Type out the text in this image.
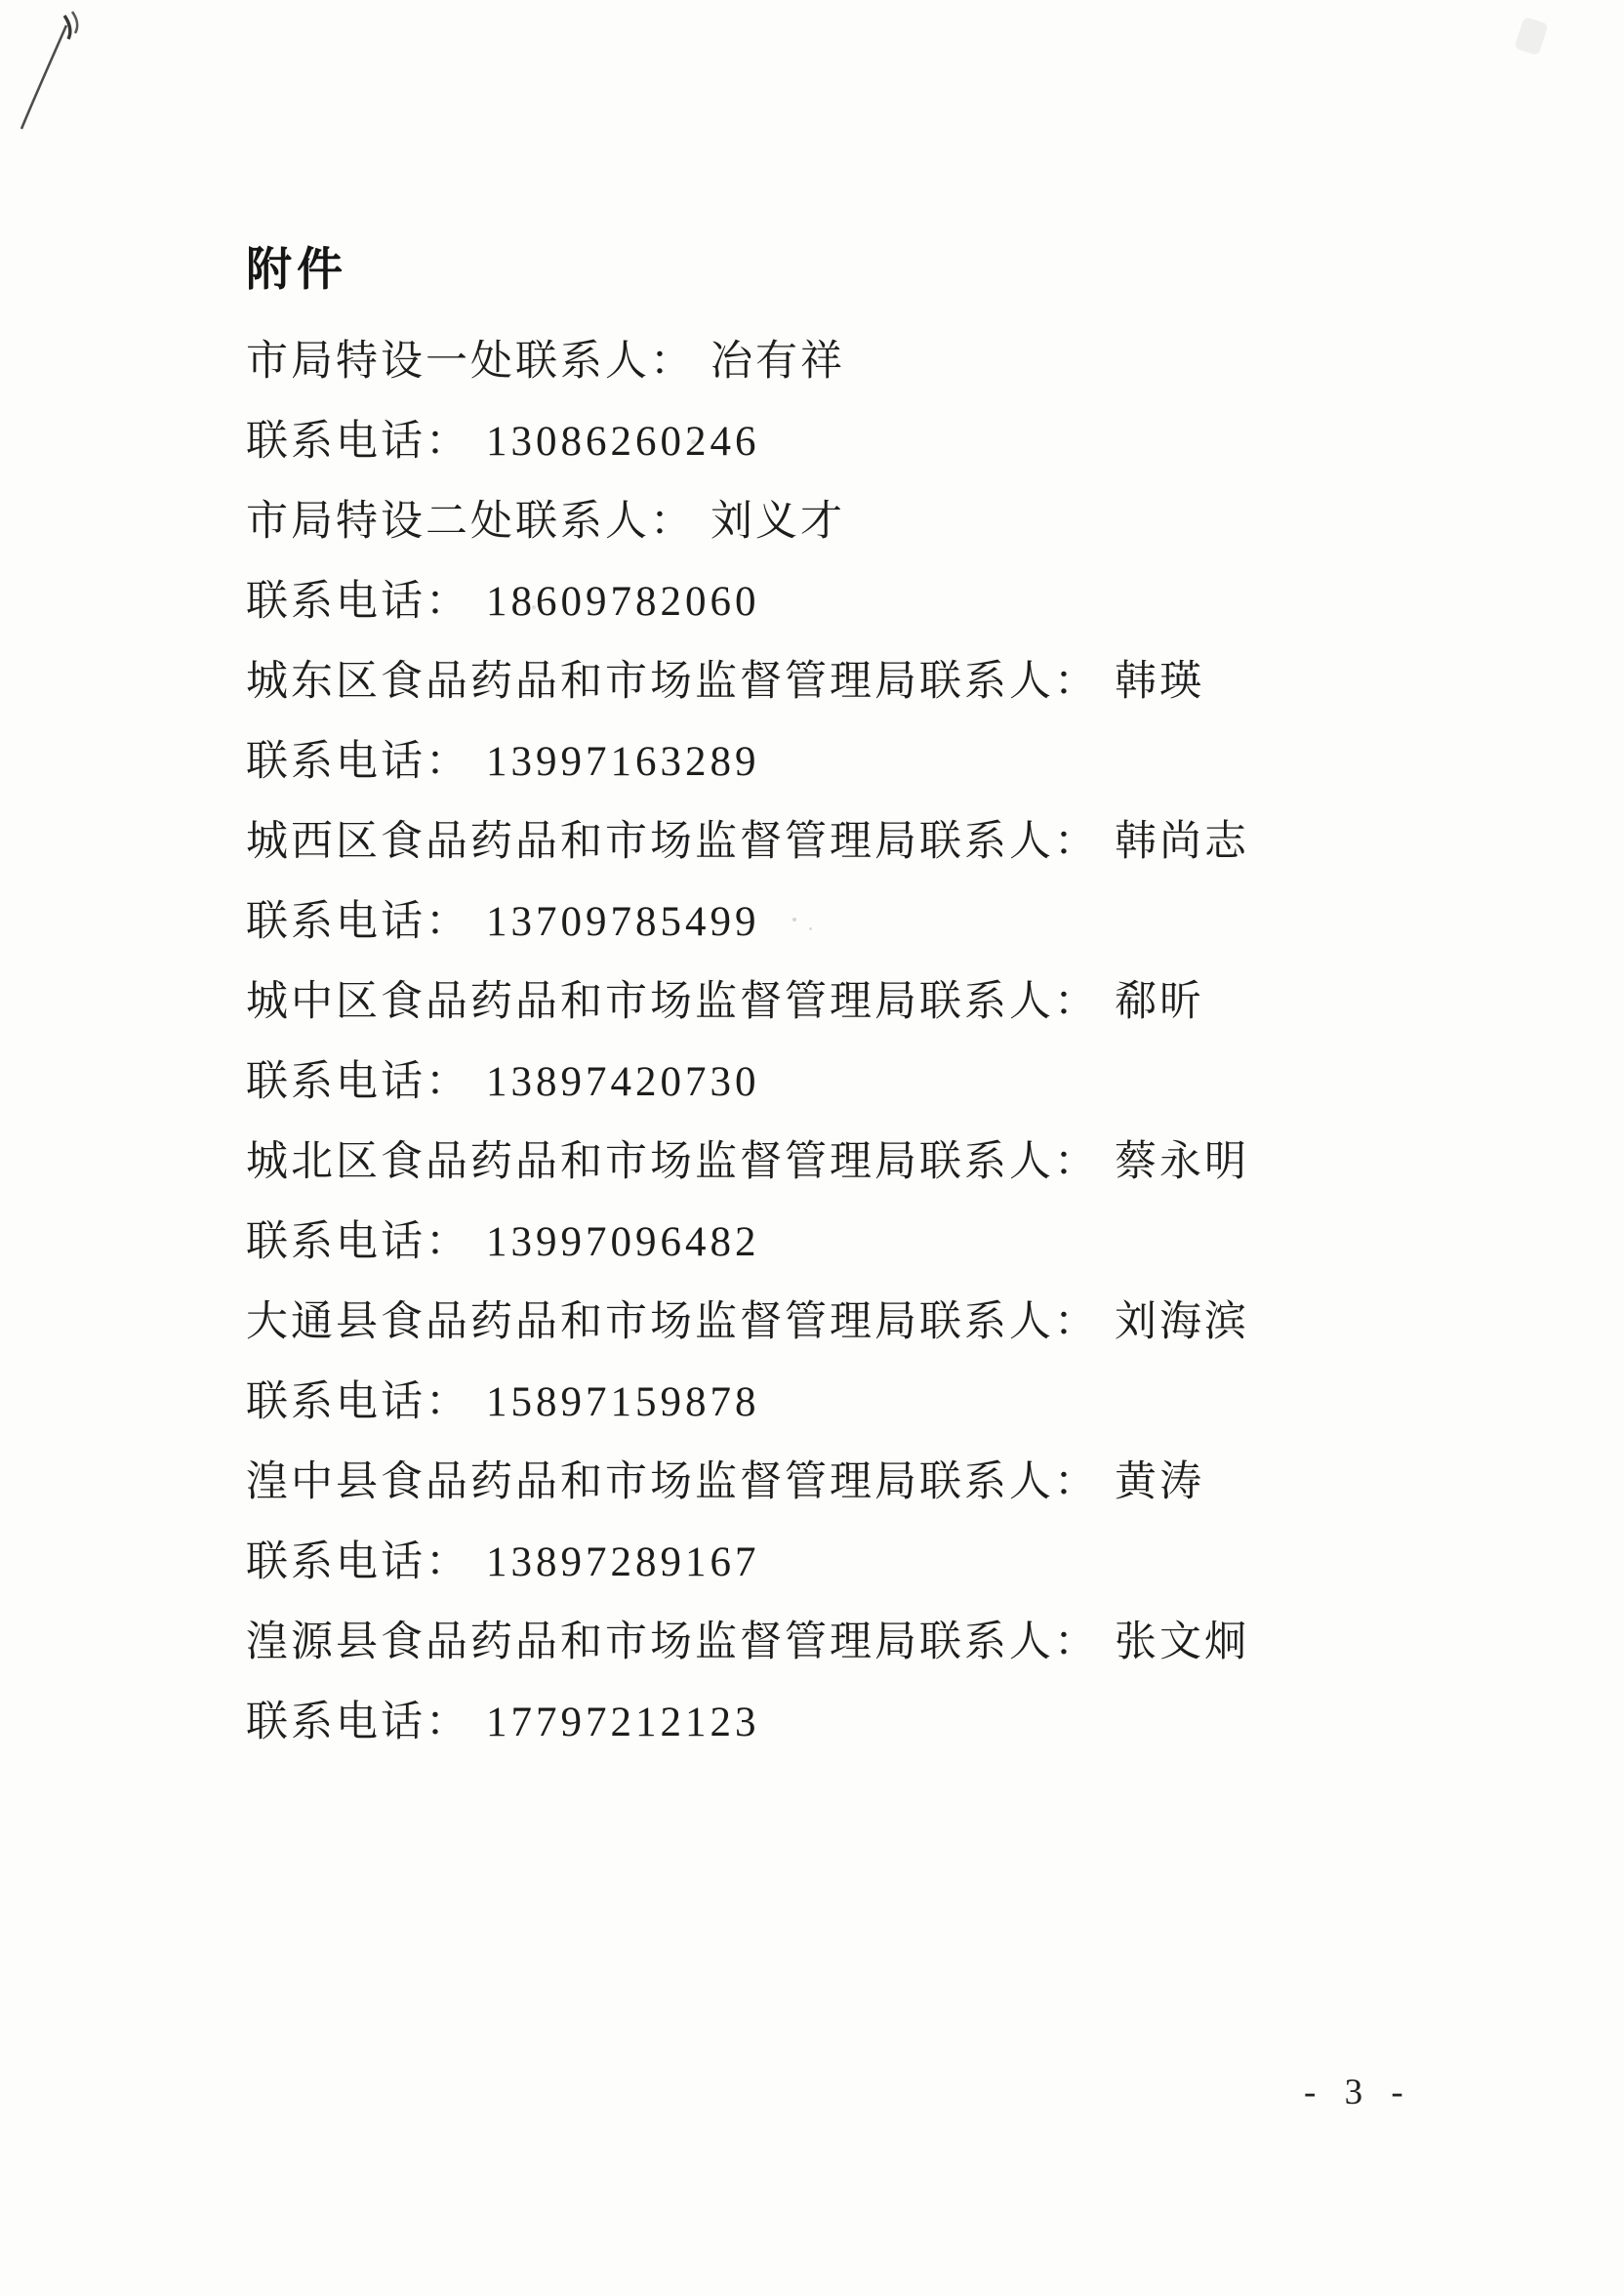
附件
市局特设一处联系人： 冶有祥
联系电话： 13086260246
市局特设二处联系人： 刘义才
联系电话： 18609782060
城东区食品药品和市场监督管理局联系人： 韩瑛
联系电话： 13997163289
城西区食品药品和市场监督管理局联系人： 韩尚志
联系电话： 13709785499
城中区食品药品和市场监督管理局联系人： 郗昕
联系电话： 13897420730
城北区食品药品和市场监督管理局联系人： 蔡永明
联系电话： 13997096482
大通县食品药品和市场监督管理局联系人： 刘海滨
联系电话： 15897159878
湟中县食品药品和市场监督管理局联系人： 黄涛
联系电话： 13897289167
湟源县食品药品和市场监督管理局联系人： 张文炯
联系电话： 17797212123
- 3 -
